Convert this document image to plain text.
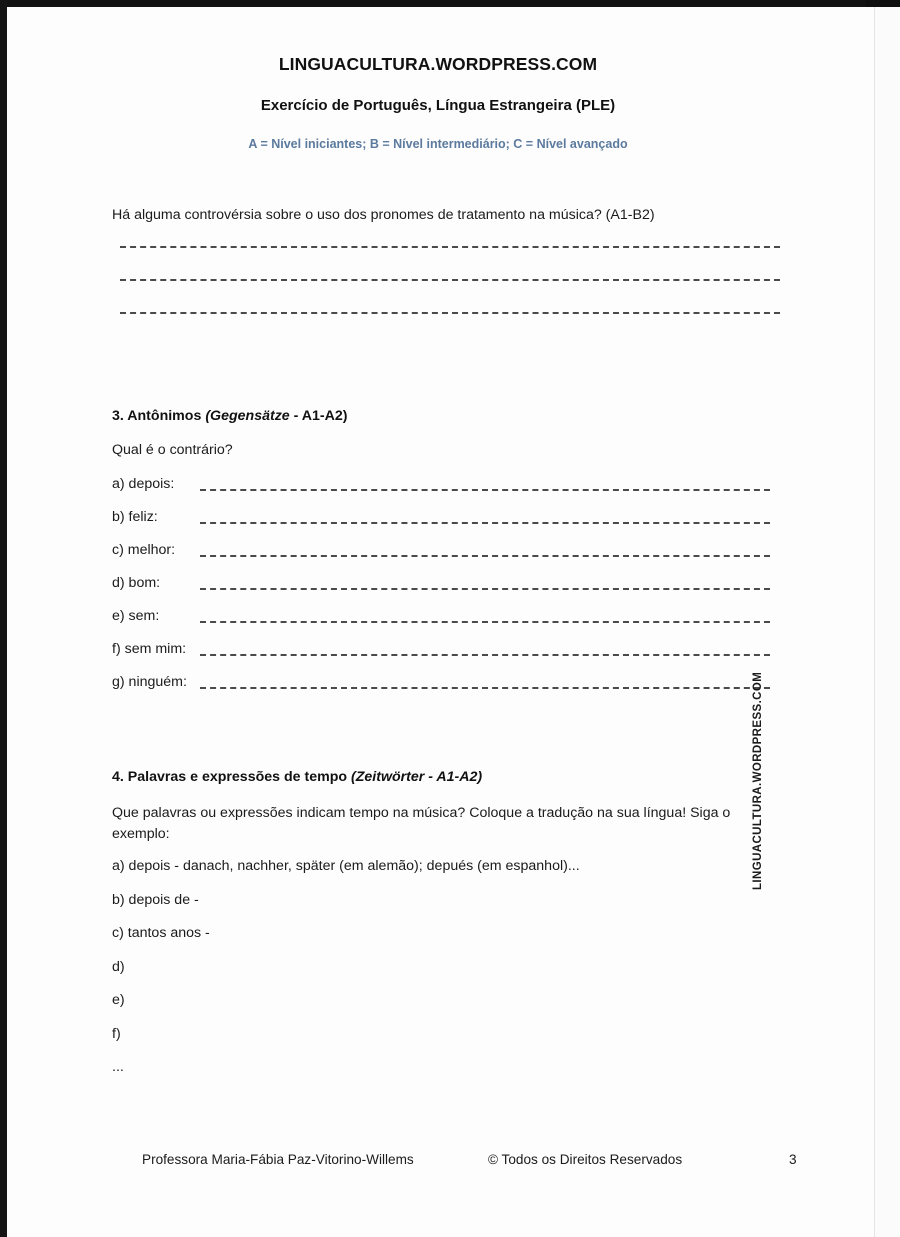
LINGUACULTURA.WORDPRESS.COM
Exercício de Português, Língua Estrangeira (PLE)
A = Nível iniciantes; B = Nível intermediário; C = Nível avançado
Há alguma controvérsia sobre o uso dos pronomes de tratamento na música? (A1-B2)
3. Antônimos (Gegensätze - A1-A2)
Qual é o contrário?
a) depois:
b) feliz:
c) melhor:
d) bom:
e) sem:
f) sem mim:
g) ninguém:
4. Palavras e expressões de tempo (Zeitwörter - A1-A2)
Que palavras ou expressões indicam tempo na música? Coloque a tradução na sua língua! Siga o exemplo:
a) depois - danach, nachher, später (em alemão); depués (em espanhol)...
b) depois de -
c) tantos anos -
d)
e)
f)
...
LINGUACULTURA.WORDPRESS.COM
Professora Maria-Fábia Paz-Vitorino-Willems	© Todos os Direitos Reservados	3
